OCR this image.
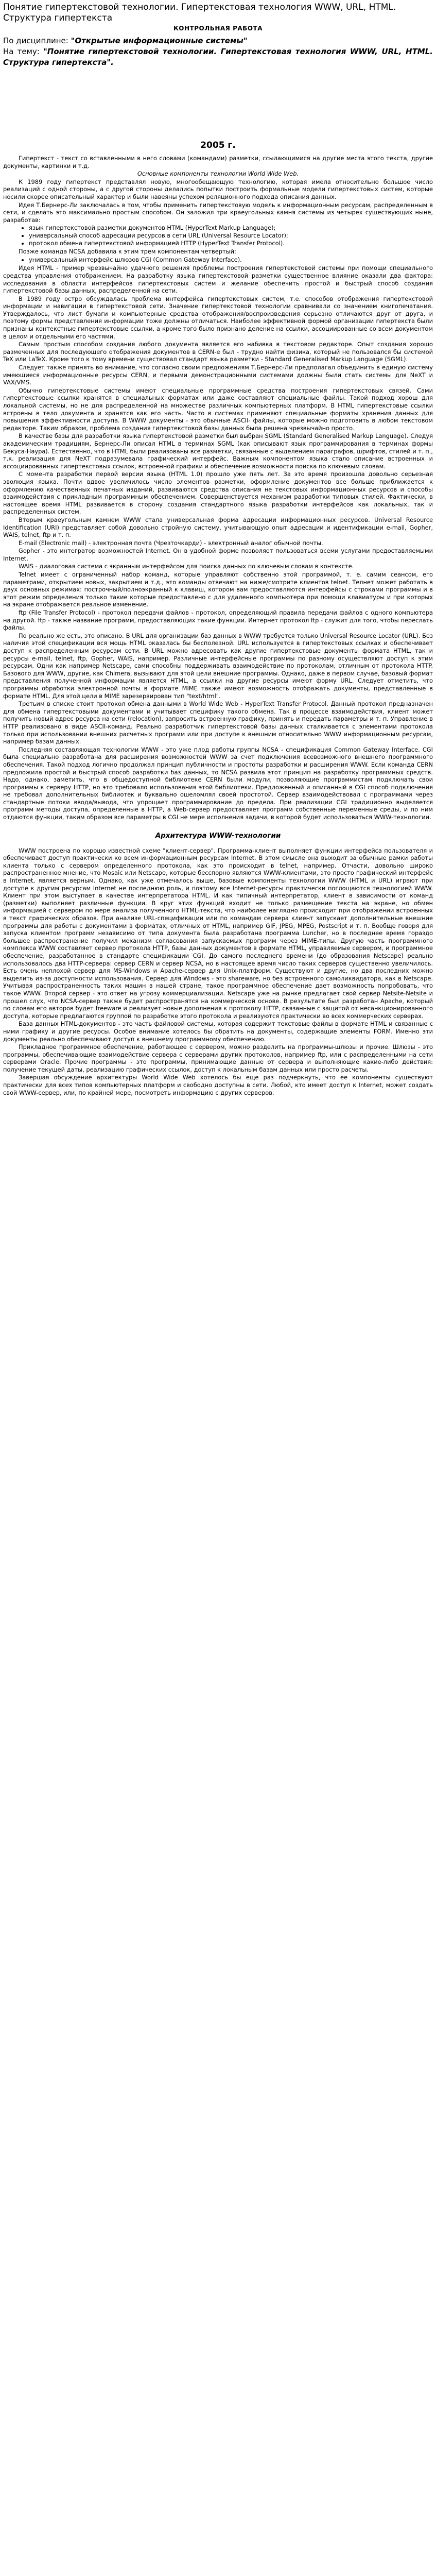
Понятие гипертекстовой технологии. Гипертекстовая технология WWW, URL, HTML. Структура гипертекста
КОНТРОЛЬНАЯ РАБОТА

По дисциплине: "Открытые информационные системы"

На тему: "Понятие гипертекстовой технологии. Гипертекстовая технология WWW, URL, HTML. Структура гипертекста".

2005 г.

Гипертекст - текст со вставленными в него словами (командами) разметки, ссылающимися на другие места этого текста, другие документы, картинки и т.д.

Основные компоненты технологии World Wide Web.

К 1989 году гипертекст представлял новую, многообещающую технологию, которая имела относительно большое число реализаций с одной стороны, а с другой стороны делались попытки построить формальные модели гипертекстовых систем, которые носили скорее описательный характер и были навеяны успехом реляционного подхода описания данных.

Идея Т.Бернерс-Ли заключалась в том, чтобы применить гипертекстовую модель к информационным ресурсам, распределенным в сети, и сделать это максимально простым способом. Он заложил три краеугольных камня системы из четырех существующих ныне, разработав:

• язык гипертекстовой разметки документов HTML (HyperText Markup Language);
• универсальный способ адресации ресурсов в сети URL (Universal Resource Locator);
• протокол обмена гипертекстовой информацией HTTP (HyperText Transfer Protocol).

Позже команда NCSA добавила к этим трем компонентам четвертый:

• универсальный интерфейс шлюзов CGI (Common Gateway Interface).

Идея HTML - пример чрезвычайно удачного решения проблемы построения гипертекстовой системы при помощи специального средства управления отображением. На разработку языка гипертекстовой разметки существенное влияние оказали два фактора: исследования в области интерфейсов гипертекстовых систем и желание обеспечить простой и быстрый способ создания гипертекстовой базы данных, распределенной на сети.

В 1989 году остро обсуждалась проблема интерфейса гипертекстовых систем, т.е. способов отображения гипертекстовой информации и навигации в гипертекстовой сети. Значение гипертекстовой технологии сравнивали со значением книгопечатания. Утверждалось, что лист бумаги и компьютерные средства отображения/воспроизведения серьезно отличаются друг от друга, и поэтому формы представления информации тоже должны отличаться. Наиболее эффективной формой организации гипертекста были признаны контекстные гипертекстовые ссылки, а кроме того было признано деление на ссылки, ассоциированные со всем документом в целом и отдельными его частями.

Самым простым способом создания любого документа является его набивка в текстовом редакторе. Опыт создания хорошо размеченных для последующего отображения документов в CERN-е был - трудно найти физика, который не пользовался бы системой TeX или LaTeX. Кроме того к тому времени существовал стандарт языка разметки - Standard Generalised Markup Language (SGML).

Следует также принять во внимание, что согласно своим предложениям Т.Бернерс-Ли предполагал объединить в единую систему имеющиеся информационные ресурсы CERN, и первыми демонстрационными системами должны были стать системы для NeXT и VAX/VMS.

Обычно гипертекстовые системы имеют специальные программные средства построения гипертекстовых связей. Сами гипертекстовые ссылки хранятся в специальных форматах или даже составляют специальные файлы. Такой подход хорош для локальной системы, но не для распределенной на множестве различных компьютерных платформ. В HTML гипертекстовые ссылки встроены в тело документа и хранятся как его часть. Часто в системах применяют специальные форматы хранения данных для повышения эффективности доступа. В WWW документы - это обычные ASCII- файлы, которые можно подготовить в любом текстовом редакторе. Таким образом, проблема создания гипертекстовой базы данных была решена чрезвычайно просто.

В качестве базы для разработки языка гипертекстовой разметки был выбран SGML (Standard Generalised Markup Language). Следуя академическим традициям, Бернерс-Ли описал HTML в терминах SGML (как описывают язык программирования в терминах формы Бекуса-Наура). Естественно, что в HTML были реализованы все разметки, связанные с выделением параграфов, шрифтов, стилей и т. п., т.к. реализация для NeXT подразумевала графический интерфейс. Важным компонентом языка стало описание встроенных и ассоциированных гипертекстовых ссылок, встроенной графики и обеспечение возможности поиска по ключевым словам.

С момента разработки первой версии языка (HTML 1.0) прошло уже пять лет. За это время произошла довольно серьезная эволюция языка. Почти вдвое увеличилось число элементов разметки, оформление документов все больше приближается к оформлению качественных печатных изданий, развиваются средства описания не текстовых информационных ресурсов и способы взаимодействия с прикладным программным обеспечением. Совершенствуется механизм разработки типовых стилей. Фактически, в настоящее время HTML развивается в сторону создания стандартного языка разработки интерфейсов как локальных, так и распределенных систем.

Вторым краеугольным камнем WWW стала универсальная форма адресации информационных ресурсов. Universal Resource Identification (URI) представляет собой довольно стройную систему, учитывающую опыт адресации и идентификации e-mail, Gopher, WAIS, telnet, ftp и т. п.

E-mail (Electronic mail) - электронная почта (Чрезточкарди) - электронный аналог обычной почты.

Gopher - это интегратор возможностей Internet. Он в удобной форме позволяет пользоваться всеми услугами предоставляемыми Internet.

WAIS - диалоговая система с экранным интерфейсом для поиска данных по ключевым словам в контексте.

Telnet имеет с ограниченный набор команд, которые управляют собственно этой программой, т. е. самим сеансом, его параметрами, открытием новых, закрытием и т.д., это команды отвечают на ниже/смотрите клиентов telnet. Телнет может работать в двух основных режимах: построчный/полноэкранный к клавиш, котором вам предоставляются интерфейсы с строками программы и в этот режим определения только такие которые предоставлено с для удаленного компьютера при помощи клавиатуры и при которых на экране отображается реальное изменение.

ftp (File Transfer Protocol) - протокол передачи файлов - протокол, определяющий правила передачи файлов с одного компьютера на другой. ftp - также название программ, предоставляющих такие функции. Интернет протокол ftp - служит для того, чтобы переслать файлы.

По реально же есть, это описано. В URL для организации баз данных в WWW требуется только Universal Resource Locator (URL). Без наличия этой спецификации вся мощь HTML оказалась бы бесполезной. URL используется в гипертекстовых ссылках и обеспечивает доступ к распределенным ресурсам сети. В URL можно адресовать как другие гипертекстовые документы формата HTML, так и ресурсы e-mail, telnet, ftp, Gopher, WAIS, например. Различные интерфейсные программы по разному осуществляют доступ к этим ресурсам. Одни как например Netscape, сами способны поддерживать взаимодействие по протоколам, отличным от протокола HTTP. Базового для WWW, другие, как Chimera, вызывают для этой цели внешние программы. Однако, даже в первом случае, базовый формат представления полученной информации является HTML, а ссылки на другие ресурсы имеют форму URL. Следует отметить, что программы обработки электронной почты в формате MIME также имеют возможность отображать документы, представленные в формате HTML. Для этой цели в MIME зарезервирован тип "text/html".

Третьим в списке стоит протокол обмена данными в World Wide Web - HyperText Transfer Protocol. Данный протокол предназначен для обмена гипертекстовыми документами и учитывает специфику такого обмена. Так в процессе взаимодействия, клиент может получить новый адрес ресурса на сети (relocation), запросить встроенную графику, принять и передать параметры и т. п. Управление в HTTP реализовано в виде ASCII-команд. Реально разработчик гипертекстовой базы данных сталкивается с элементами протокола только при использовании внешних расчетных программ или при доступе к внешним относительно WWW информационным ресурсам, например базам данных.

Последняя составляющая технологии WWW - это уже плод работы группы NCSA - спецификация Common Gateway Interface. CGI была специально разработана для расширения возможностей WWW за счет подключения всевозможного внешнего программного обеспечения. Такой подход логично продолжал принцип публичности и простоты разработки и расширения WWW. Если команда CERN предложила простой и быстрый способ разработки баз данных, то NCSA развила этот принцип на разработку программных средств. Надо, однако, заметить, что в общедоступной библиотеке CERN были модули, позволяющие программистам подключать свои программы к серверу HTTP, но это требовало использования этой библиотеки. Предложенный и описанный в CGI способ подключения не требовал дополнительных библиотек и буквально ошеломлял своей простотой. Сервер взаимодействовал с программами через стандартные потоки ввода/вывода, что упрощает программирование до предела. При реализации CGI традиционно выделяется программ методы доступа, определенные в HTTP, а Web-сервер предоставляет программ собственные переменные среды, и по ним отдаются функции, таким образом все параметры в CGI не мере исполнения задачи, в которой будет использоваться WWW-технологии.

Архитектура WWW-технологии

WWW построена по хорошо известной схеме "клиент-сервер". Программа-клиент выполняет функции интерфейса пользователя и обеспечивает доступ практически ко всем информационным ресурсам Internet. В этом смысле она выходит за обычные рамки работы клиента только с сервером определенного протокола, как это происходит в telnet, например. Отчасти, довольно широко распространенное мнение, что Mosaic или Netscape, которые бесспорно являются WWW-клиентами, это просто графический интерфейс в Internet, является верным. Однако, как уже отмечалось выше, базовые компоненты технологии WWW (HTML и URL) играют при доступе к другим ресурсам Internet не последнюю роль, и поэтому все Internet-ресурсы практически поглощаются технологией WWW. Клиент при этом выступает в качестве интерпретатора HTML. И как типичный интерпретатор, клиент в зависимости от команд (разметки) выполняет различные функции. В круг этих функций входит не только размещение текста на экране, но обмен информацией с сервером по мере анализа полученного HTML-текста, что наиболее наглядно происходит при отображении встроенных в текст графических образов. При анализе URL-спецификации или по командам сервера клиент запускает дополнительные внешние программы для работы с документами в форматах, отличных от HTML, например GIF, JPEG, MPEG, Postscript и т. п. Вообще говоря для запуска клиентом программ независимо от типа документа была разработана программа Luncher, но в последнее время гораздо большее распространение получил механизм согласования запускаемых программ через MIME-типы. Другую часть программного комплекса WWW составляет сервер протокола HTTP, базы данных документов в формате HTML, управляемые сервером, и программное обеспечение, разработанное в стандарте спецификации CGI. До самого последнего времени (до образования Netscape) реально использовалось два HTTP-сервера: сервер CERN и сервер NCSA, но в настоящее время число таких серверов существенно увеличилось. Есть очень неплохой сервер для MS-Windows и Apache-сервер для Unix-платформ. Существуют и другие, но два последних можно выделить из-за доступности использования. Сервер для Windows - это shareware, но без встроенного самоликвидатора, как в Netscape. Учитывая распространенность таких машин в нашей стране, такое программное обеспечение дает возможность попробовать, что такое WWW. Второй сервер - это ответ на угрозу коммерциализации. Netscape уже на рынке предлагает свой сервер Netsite-Netsite и прошел слух, что NCSA-сервер также будет распространятся на коммерческой основе. В результате был разработан Apache, который по словам его авторов будет freeware и реализует новые дополнения к протоколу HTTP, связанные с защитой от несанкционированного доступа, которые предлагаются группой по разработке этого протокола и реализуются практически во всех коммерческих серверах.

База данных HTML-документов - это часть файловой системы, которая содержит текстовые файлы в формате HTML и связанные с ними графику и другие ресурсы. Особое внимание хотелось бы обратить на документы, содержащие элементы FORM. Именно эти документы реально обеспечивают доступ к внешнему программному обеспечению.

Прикладное программное обеспечение, работающее с сервером, можно разделить на программы-шлюзы и прочие. Шлюзы - это программы, обеспечивающие взаимодействие сервера с серверами других протоколов, например ftp, или с распределенными на сети серверами Oracle. Прочие программы - это программы, принимающие данные от сервера и выполняющие какие-либо действия: получение текущей даты, реализацию графических ссылок, доступ к локальным базам данных или просто расчеты.

Завершая обсуждение архитектуры World Wide Web хотелось бы еще раз подчеркнуть, что ее компоненты существуют практически для всех типов компьютерных платформ и свободно доступны в сети. Любой, кто имеет доступ к Internet, может создать свой WWW-сервер, или, по крайней мере, посмотреть информацию с других серверов.
